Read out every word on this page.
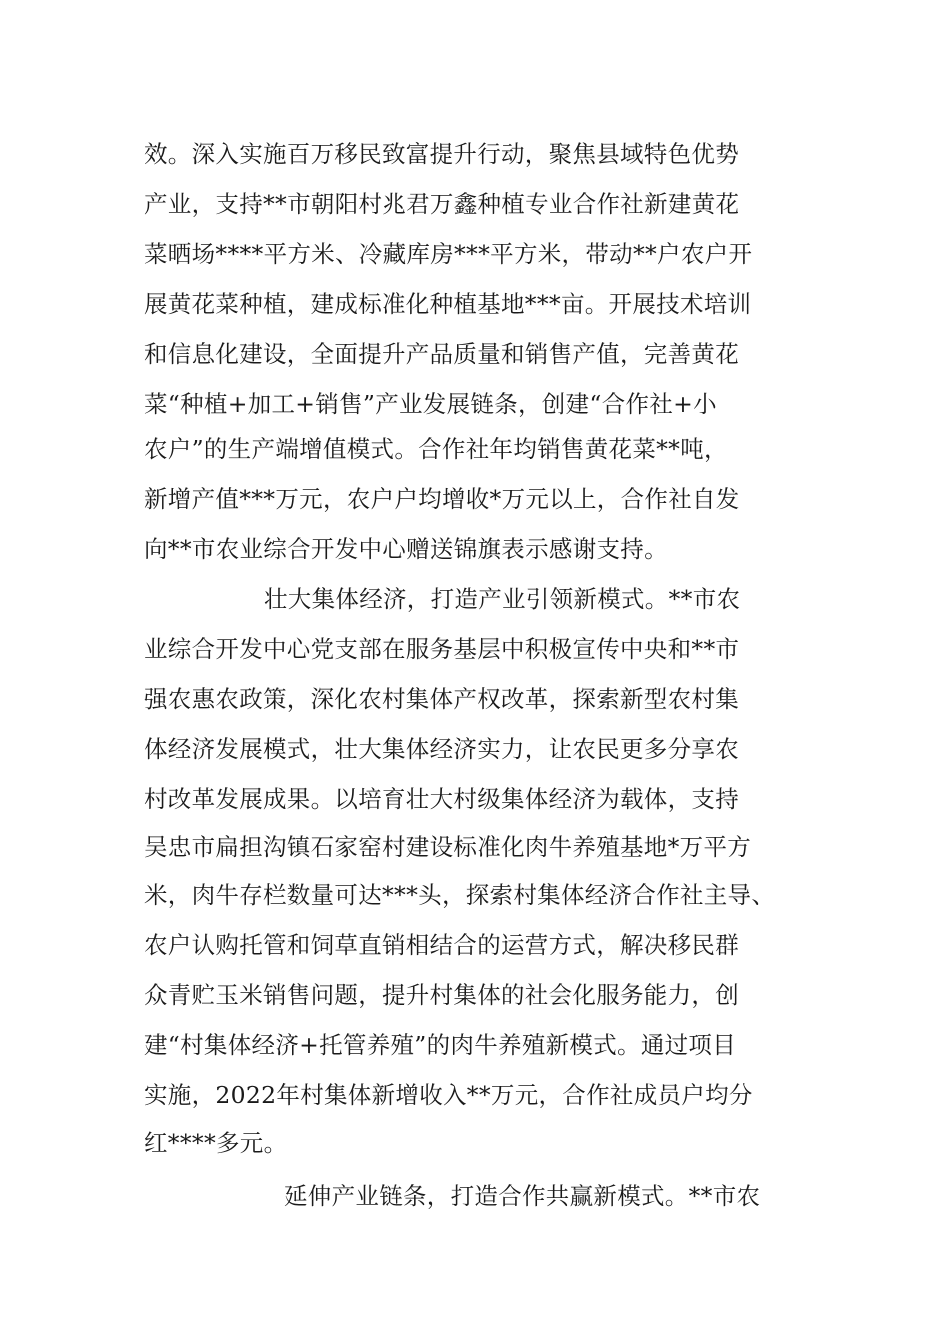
效。深入实施百万移民致富提升行动，聚焦县域特色优势
产业，支持**市朝阳村兆君万鑫种植专业合作社新建黄花
菜晒场****平方米、冷藏库房***平方米，带动**户农户开
展黄花菜种植，建成标准化种植基地***亩。开展技术培训
和信息化建设，全面提升产品质量和销售产值，完善黄花
菜“种植+加工+销售”产业发展链条，创建“合作社+小
农户”的生产端增值模式。合作社年均销售黄花菜**吨，
新增产值***万元，农户户均增收*万元以上，合作社自发
向**市农业综合开发中心赠送锦旗表示感谢支持。
壮大集体经济，打造产业引领新模式。**市农
业综合开发中心党支部在服务基层中积极宣传中央和**市
强农惠农政策，深化农村集体产权改革，探索新型农村集
体经济发展模式，壮大集体经济实力，让农民更多分享农
村改革发展成果。以培育壮大村级集体经济为载体，支持
吴忠市扁担沟镇石家窑村建设标准化肉牛养殖基地*万平方
米，肉牛存栏数量可达***头，探索村集体经济合作社主导、
农户认购托管和饲草直销相结合的运营方式，解决移民群
众青贮玉米销售问题，提升村集体的社会化服务能力，创
建“村集体经济+托管养殖”的肉牛养殖新模式。通过项目
实施，2022年村集体新增收入**万元，合作社成员户均分
红****多元。
延伸产业链条，打造合作共赢新模式。**市农
